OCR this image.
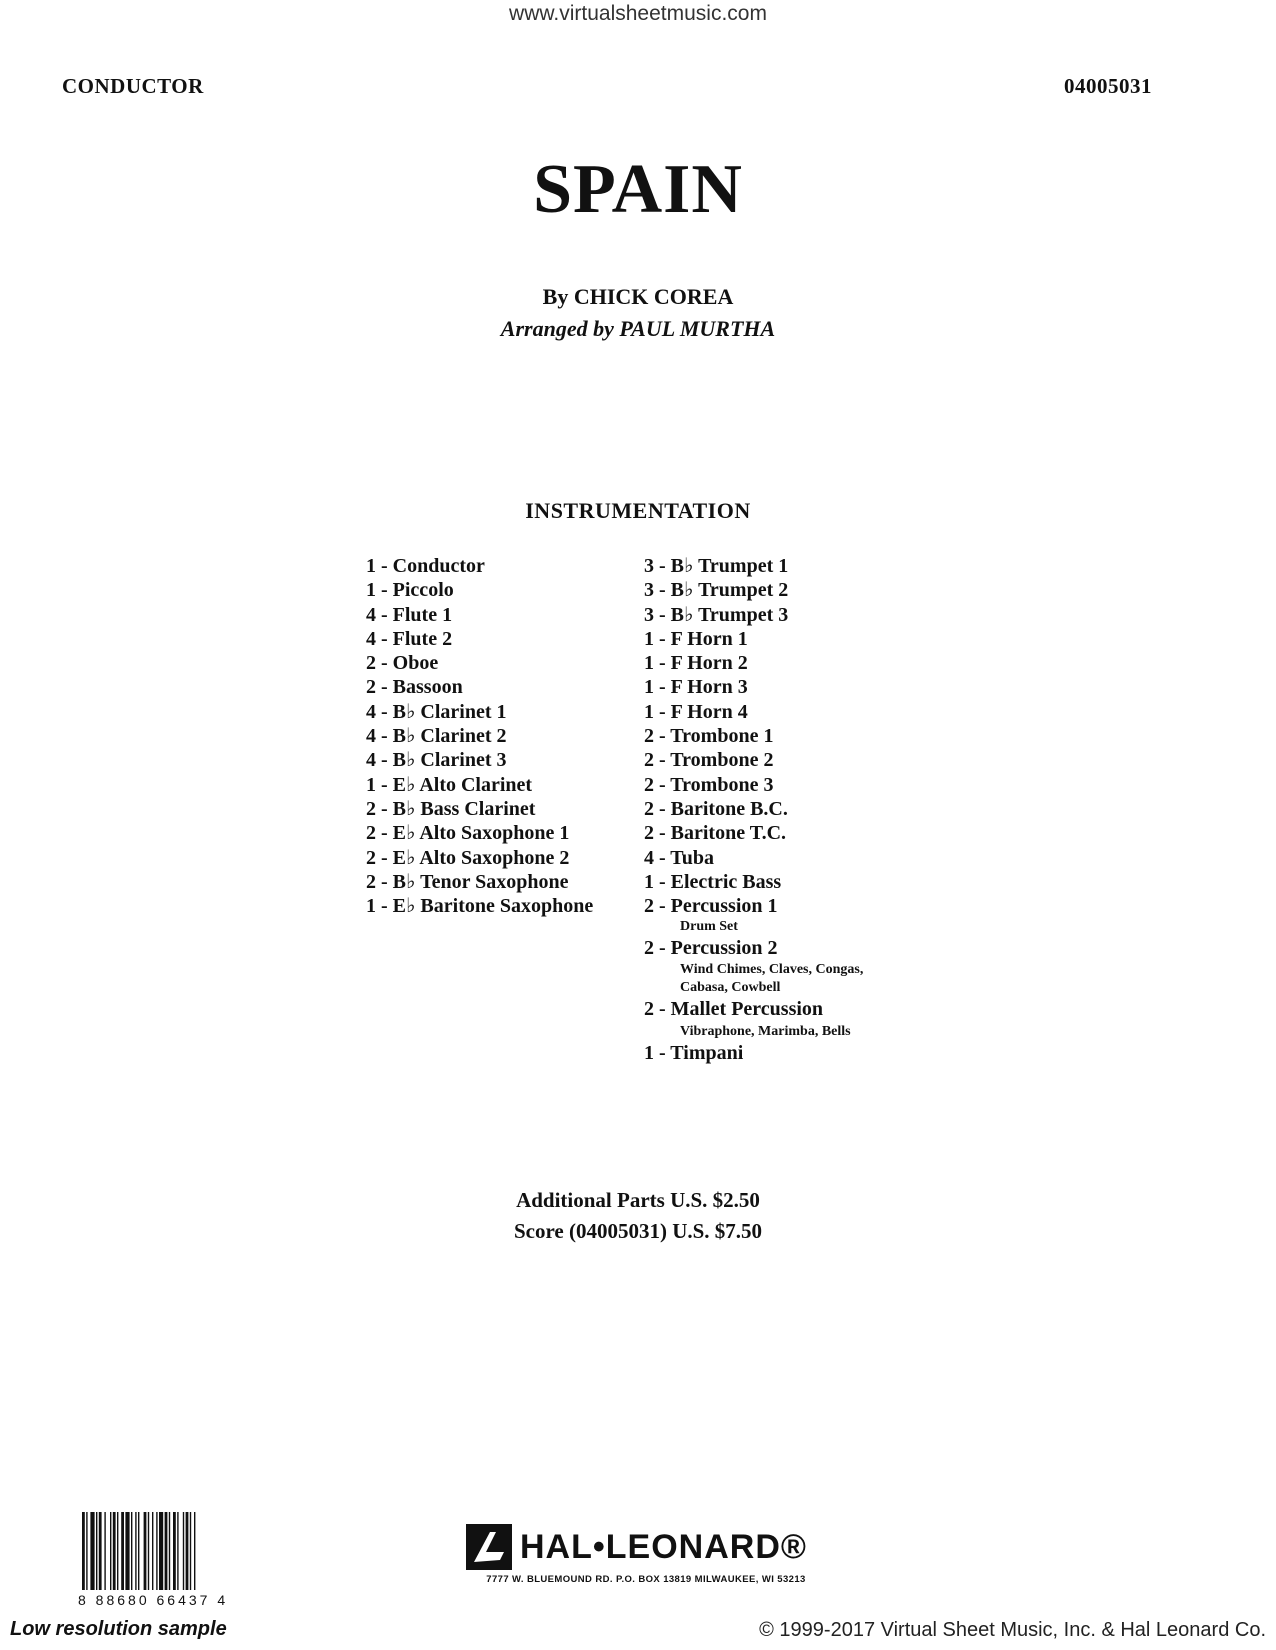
www.virtualsheetmusic.com
CONDUCTOR	04005031
SPAIN
By CHICK COREA
Arranged by PAUL MURTHA
INSTRUMENTATION
1 - Conductor
1 - Piccolo
4 - Flute 1
4 - Flute 2
2 - Oboe
2 - Bassoon
4 - B♭ Clarinet 1
4 - B♭ Clarinet 2
4 - B♭ Clarinet 3
1 - E♭ Alto Clarinet
2 - B♭ Bass Clarinet
2 - E♭ Alto Saxophone 1
2 - E♭ Alto Saxophone 2
2 - B♭ Tenor Saxophone
1 - E♭ Baritone Saxophone
3 - B♭ Trumpet 1
3 - B♭ Trumpet 2
3 - B♭ Trumpet 3
1 - F Horn 1
1 - F Horn 2
1 - F Horn 3
1 - F Horn 4
2 - Trombone 1
2 - Trombone 2
2 - Trombone 3
2 - Baritone B.C.
2 - Baritone T.C.
4 - Tuba
1 - Electric Bass
2 - Percussion 1
Drum Set
2 - Percussion 2
Wind Chimes, Claves, Congas,
Cabasa, Cowbell
2 - Mallet Percussion
Vibraphone, Marimba, Bells
1 - Timpani
Additional Parts U.S. $2.50
Score (04005031) U.S. $7.50
8 88680 66437 4
HAL•LEONARD®
7777 W. BLUEMOUND RD. P.O. BOX 13819 MILWAUKEE, WI 53213
Low resolution sample	© 1999-2017 Virtual Sheet Music, Inc. & Hal Leonard Co.
